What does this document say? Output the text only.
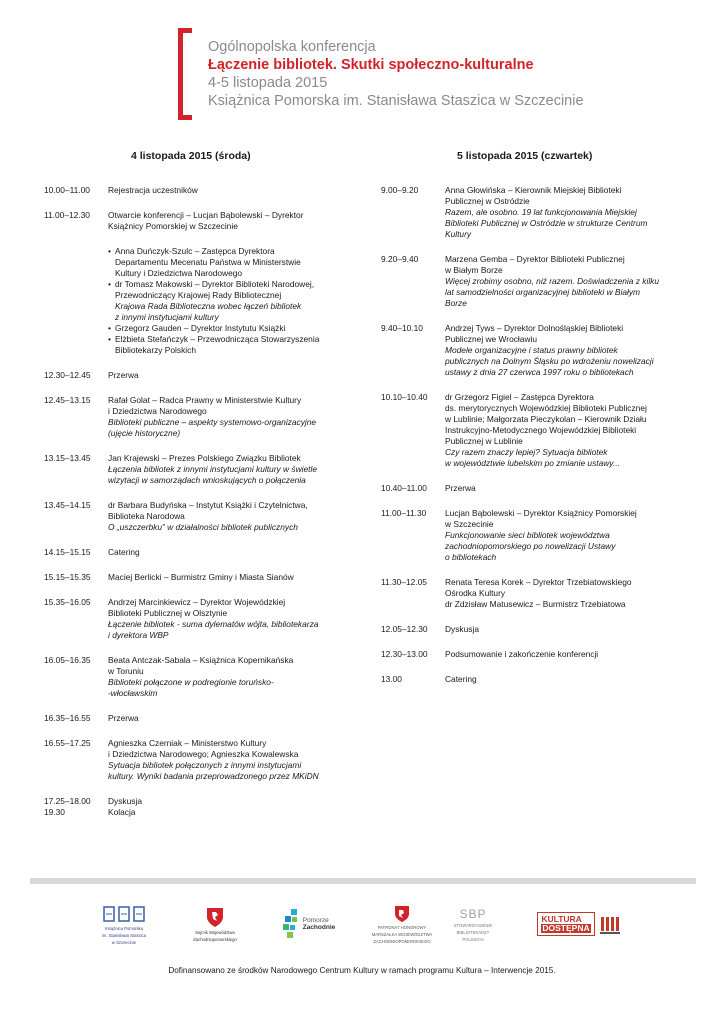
Ogólnopolska konferencja
Łączenie bibliotek. Skutki społeczno-kulturalne
4-5 listopada 2015
Książnica Pomorska im. Stanisława Staszica w Szczecinie
4 listopada 2015 (środa)	5 listopada 2015 (czwartek)
10.00–11.00	Rejestracja uczestników
11.00–12.30	Otwarcie konferencji – Lucjan Bąbolewski – Dyrektor
Książnicy Pomorskiej w Szczecinie
• Anna Duńczyk-Szulc – Zastępca Dyrektora
Departamentu Mecenatu Państwa w Ministerstwie
Kultury i Dziedzictwa Narodowego
• dr Tomasz Makowski – Dyrektor Biblioteki Narodowej,
Przewodniczący Krajowej Rady Bibliotecznej
Krajowa Rada Biblioteczna wobec łączeń bibliotek
z innymi instytucjami kultury
• Grzegorz Gauden – Dyrektor Instytutu Książki
• Elżbieta Stefańczyk – Przewodnicząca Stowarzyszenia
Bibliotekarzy Polskich
12.30–12.45	Przerwa
12.45–13.15	Rafał Golat – Radca Prawny w Ministerstwie Kultury
i Dziedzictwa Narodowego
Biblioteki publiczne – aspekty systemowo-organizacyjne
(ujęcie historyczne)
13.15–13.45	Jan Krajewski – Prezes Polskiego Związku Bibliotek
Łączenia bibliotek z innymi instytucjami kultury w świetle
wizytacji w samorządach wnioskujących o połączenia
13.45–14.15	dr Barbara Budyńska – Instytut Książki i Czytelnictwa,
Biblioteka Narodowa
O „uszczerbku” w działalności bibliotek publicznych
14.15–15.15	Catering
15.15–15.35	Maciej Berlicki – Burmistrz Gminy i Miasta Sianów
15.35–16.05	Andrzej Marcinkiewicz – Dyrektor Wojewódzkiej
Biblioteki Publicznej w Olsztynie
Łączenie bibliotek - suma dylematów wójta, bibliotekarza
i dyrektora WBP
16.05–16.35	Beata Antczak-Sabala – Książnica Kopernikańska
w Toruniu
Biblioteki połączone w podregionie toruńsko-
-włocławskim
16.35–16.55	Przerwa
16.55–17.25	Agnieszka Czerniak – Ministerstwo Kultury
i Dziedzictwa Narodowego; Agnieszka Kowalewska
Sytuacja bibliotek połączonych z innymi instytucjami
kultury. Wyniki badania przeprowadzonego przez MKiDN
17.25–18.00	Dyskusja
19.30	Kolacja
9.00–9.20	Anna Głowińska – Kierownik Miejskiej Biblioteki
Publicznej w Ostródzie
Razem, ale osobno. 19 lat funkcjonowania Miejskiej
Biblioteki Publicznej w Ostródzie w strukturze Centrum
Kultury
9.20–9.40	Marzena Gemba – Dyrektor Biblioteki Publicznej
w Białym Borze
Więcej zrobimy osobno, niż razem. Doświadczenia z kilku
lat samodzielności organizacyjnej biblioteki w Białym
Borze
9.40–10.10	Andrzej Tyws – Dyrektor Dolnośląskiej Biblioteki
Publicznej we Wrocławiu
Modele organizacyjne i status prawny bibliotek
publicznych na Dolnym Śląsku po wdrożeniu nowelizacji
ustawy z dnia 27 czerwca 1997 roku o bibliotekach
10.10–10.40	dr Grzegorz Figiel – Zastępca Dyrektora
ds. merytorycznych Wojewódzkiej Biblioteki Publicznej
w Lublinie; Małgorzata Pieczykolan – Kierownik Działu
Instrukcyjno-Metodycznego Wojewódzkiej Biblioteki
Publicznej w Lublinie
Czy razem znaczy lepiej? Sytuacja bibliotek
w województwie lubelskim po zmianie ustawy...
10.40–11.00	Przerwa
11.00–11.30	Lucjan Bąbolewski – Dyrektor Książnicy Pomorskiej
w Szczecinie
Funkcjonowanie sieci bibliotek województwa
zachodniopomorskiego po nowelizacji Ustawy
o bibliotekach
11.30–12.05	Renata Teresa Korek – Dyrektor Trzebiatowskiego
Ośrodka Kultury
dr Zdzisław Matusewicz – Burmistrz Trzebiatowa
12.05–12.30	Dyskusja
12.30–13.00	Podsumowanie i zakończenie konferencji
13.00	Catering
Książnica Pomorska
im. Stanisława Staszica
w Szczecinie
Sejmik Województwa
Zachodniopomorskiego
Pomorze
Zachodnie	PATRONAT HONOROWY
MARSZAŁKA WOJEWÓDZTWA
ZACHODNIOPOMORSKIEGO
SBP
STOWARZYSZENIE
BIBLIOTEKARZY
POLSKICH
KULTURA
DOSTĘPNA
Dofinansowano ze środków Narodowego Centrum Kultury w ramach programu Kultura – Interwencje 2015.
